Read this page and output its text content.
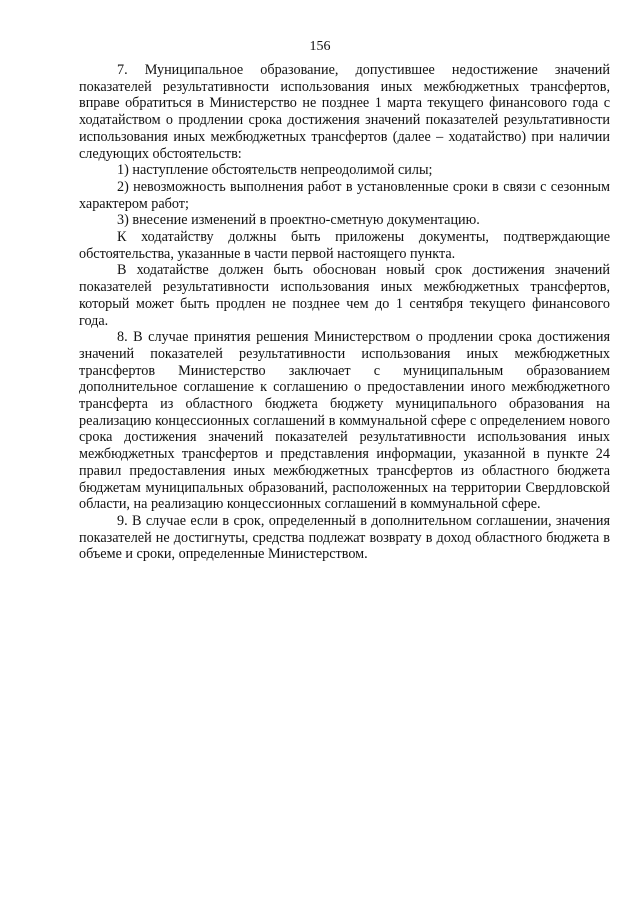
156

7. Муниципальное образование, допустившее недостижение значений показателей результативности использования иных межбюджетных трансфертов, вправе обратиться в Министерство не позднее 1 марта текущего финансового года с ходатайством о продлении срока достижения значений показателей результативности использования иных межбюджетных трансфертов (далее – ходатайство) при наличии следующих обстоятельств:

1) наступление обстоятельств непреодолимой силы;

2) невозможность выполнения работ в установленные сроки в связи с сезонным характером работ;

3) внесение изменений в проектно-сметную документацию.

К ходатайству должны быть приложены документы, подтверждающие обстоятельства, указанные в части первой настоящего пункта.

В ходатайстве должен быть обоснован новый срок достижения значений показателей результативности использования иных межбюджетных трансфертов, который может быть продлен не позднее чем до 1 сентября текущего финансового года.

8. В случае принятия решения Министерством о продлении срока достижения значений показателей результативности использования иных межбюджетных трансфертов Министерство заключает с муниципальным образованием дополнительное соглашение к соглашению о предоставлении иного межбюджетного трансферта из областного бюджета бюджету муниципального образования на реализацию концессионных соглашений в коммунальной сфере с определением нового срока достижения значений показателей результативности использования иных межбюджетных трансфертов и представления информации, указанной в пункте 24 правил предоставления иных межбюджетных трансфертов из областного бюджета бюджетам муниципальных образований, расположенных на территории Свердловской области, на реализацию концессионных соглашений в коммунальной сфере.

9. В случае если в срок, определенный в дополнительном соглашении, значения показателей не достигнуты, средства подлежат возврату в доход областного бюджета в объеме и сроки, определенные Министерством.
